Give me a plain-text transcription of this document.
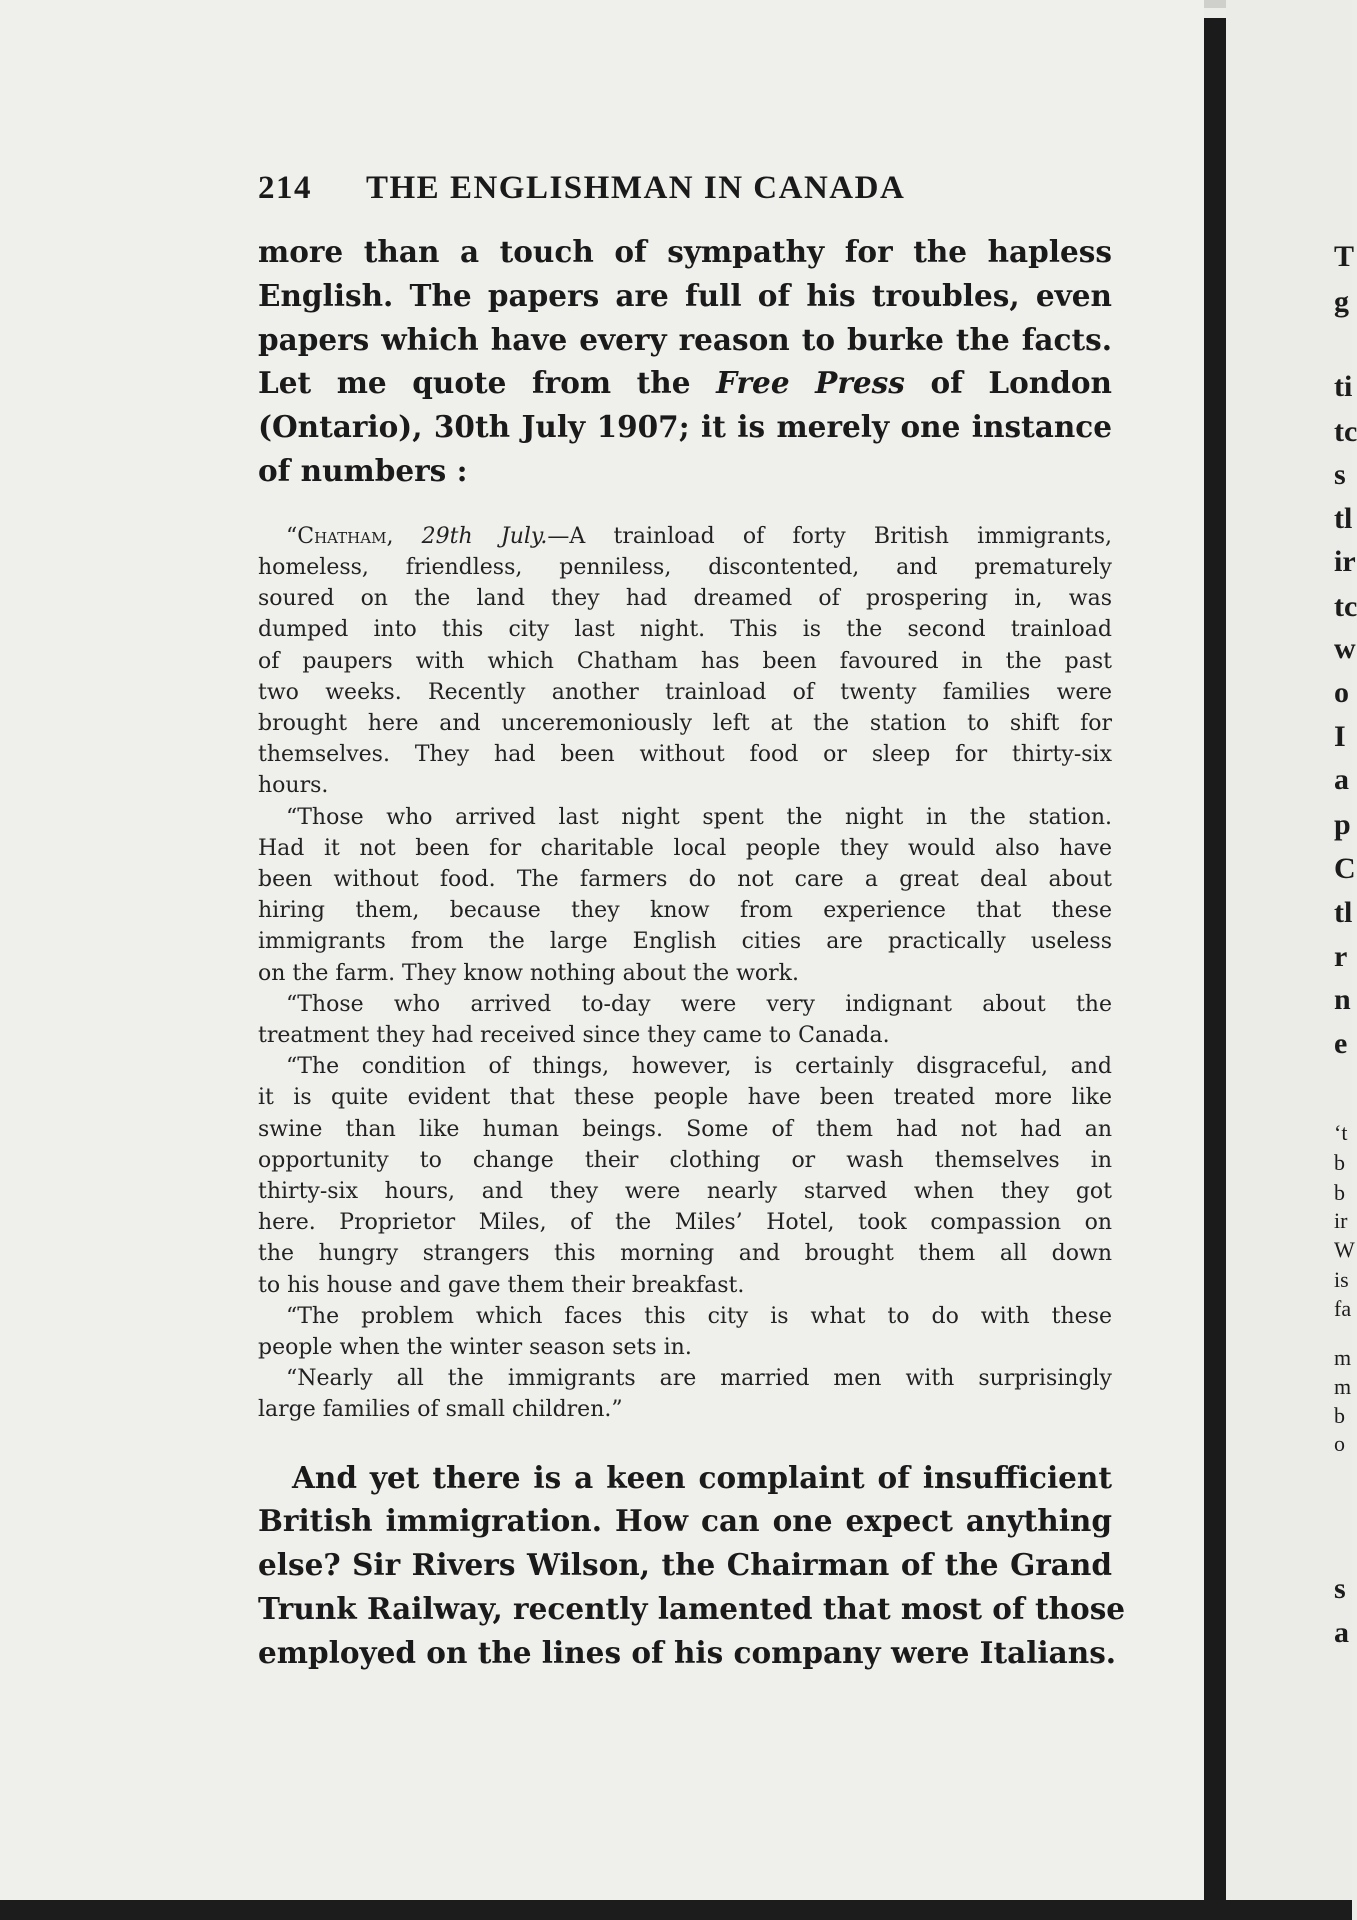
214	THE ENGLISHMAN IN CANADA

more than a touch of sympathy for the hapless
English. The papers are full of his troubles, even
papers which have every reason to burke the facts.
Let me quote from the Free Press of London
(Ontario), 30th July 1907; it is merely one instance
of numbers :

“Chatham, 29th July.—A trainload of forty British immigrants,
homeless, friendless, penniless, discontented, and prematurely
soured on the land they had dreamed of prospering in, was
dumped into this city last night. This is the second trainload
of paupers with which Chatham has been favoured in the past
two weeks. Recently another trainload of twenty families were
brought here and unceremoniously left at the station to shift for
themselves. They had been without food or sleep for thirty-six
hours.
“Those who arrived last night spent the night in the station.
Had it not been for charitable local people they would also have
been without food. The farmers do not care a great deal about
hiring them, because they know from experience that these
immigrants from the large English cities are practically useless
on the farm. They know nothing about the work.
“Those who arrived to-day were very indignant about the
treatment they had received since they came to Canada.
“The condition of things, however, is certainly disgraceful, and
it is quite evident that these people have been treated more like
swine than like human beings. Some of them had not had an
opportunity to change their clothing or wash themselves in
thirty-six hours, and they were nearly starved when they got
here. Proprietor Miles, of the Miles’ Hotel, took compassion on
the hungry strangers this morning and brought them all down
to his house and gave them their breakfast.
“The problem which faces this city is what to do with these
people when the winter season sets in.
“Nearly all the immigrants are married men with surprisingly
large families of small children.”

And yet there is a keen complaint of insufficient
British immigration. How can one expect anything
else? Sir Rivers Wilson, the Chairman of the Grand
Trunk Railway, recently lamented that most of those
employed on the lines of his company were Italians.

T
g
ti
tc
s
tl
ir
tc
w
o
I
a
p
C
tl
r
n
e
‘t
b
b
ir
W
is
fa
m
m
b
o
s
a
